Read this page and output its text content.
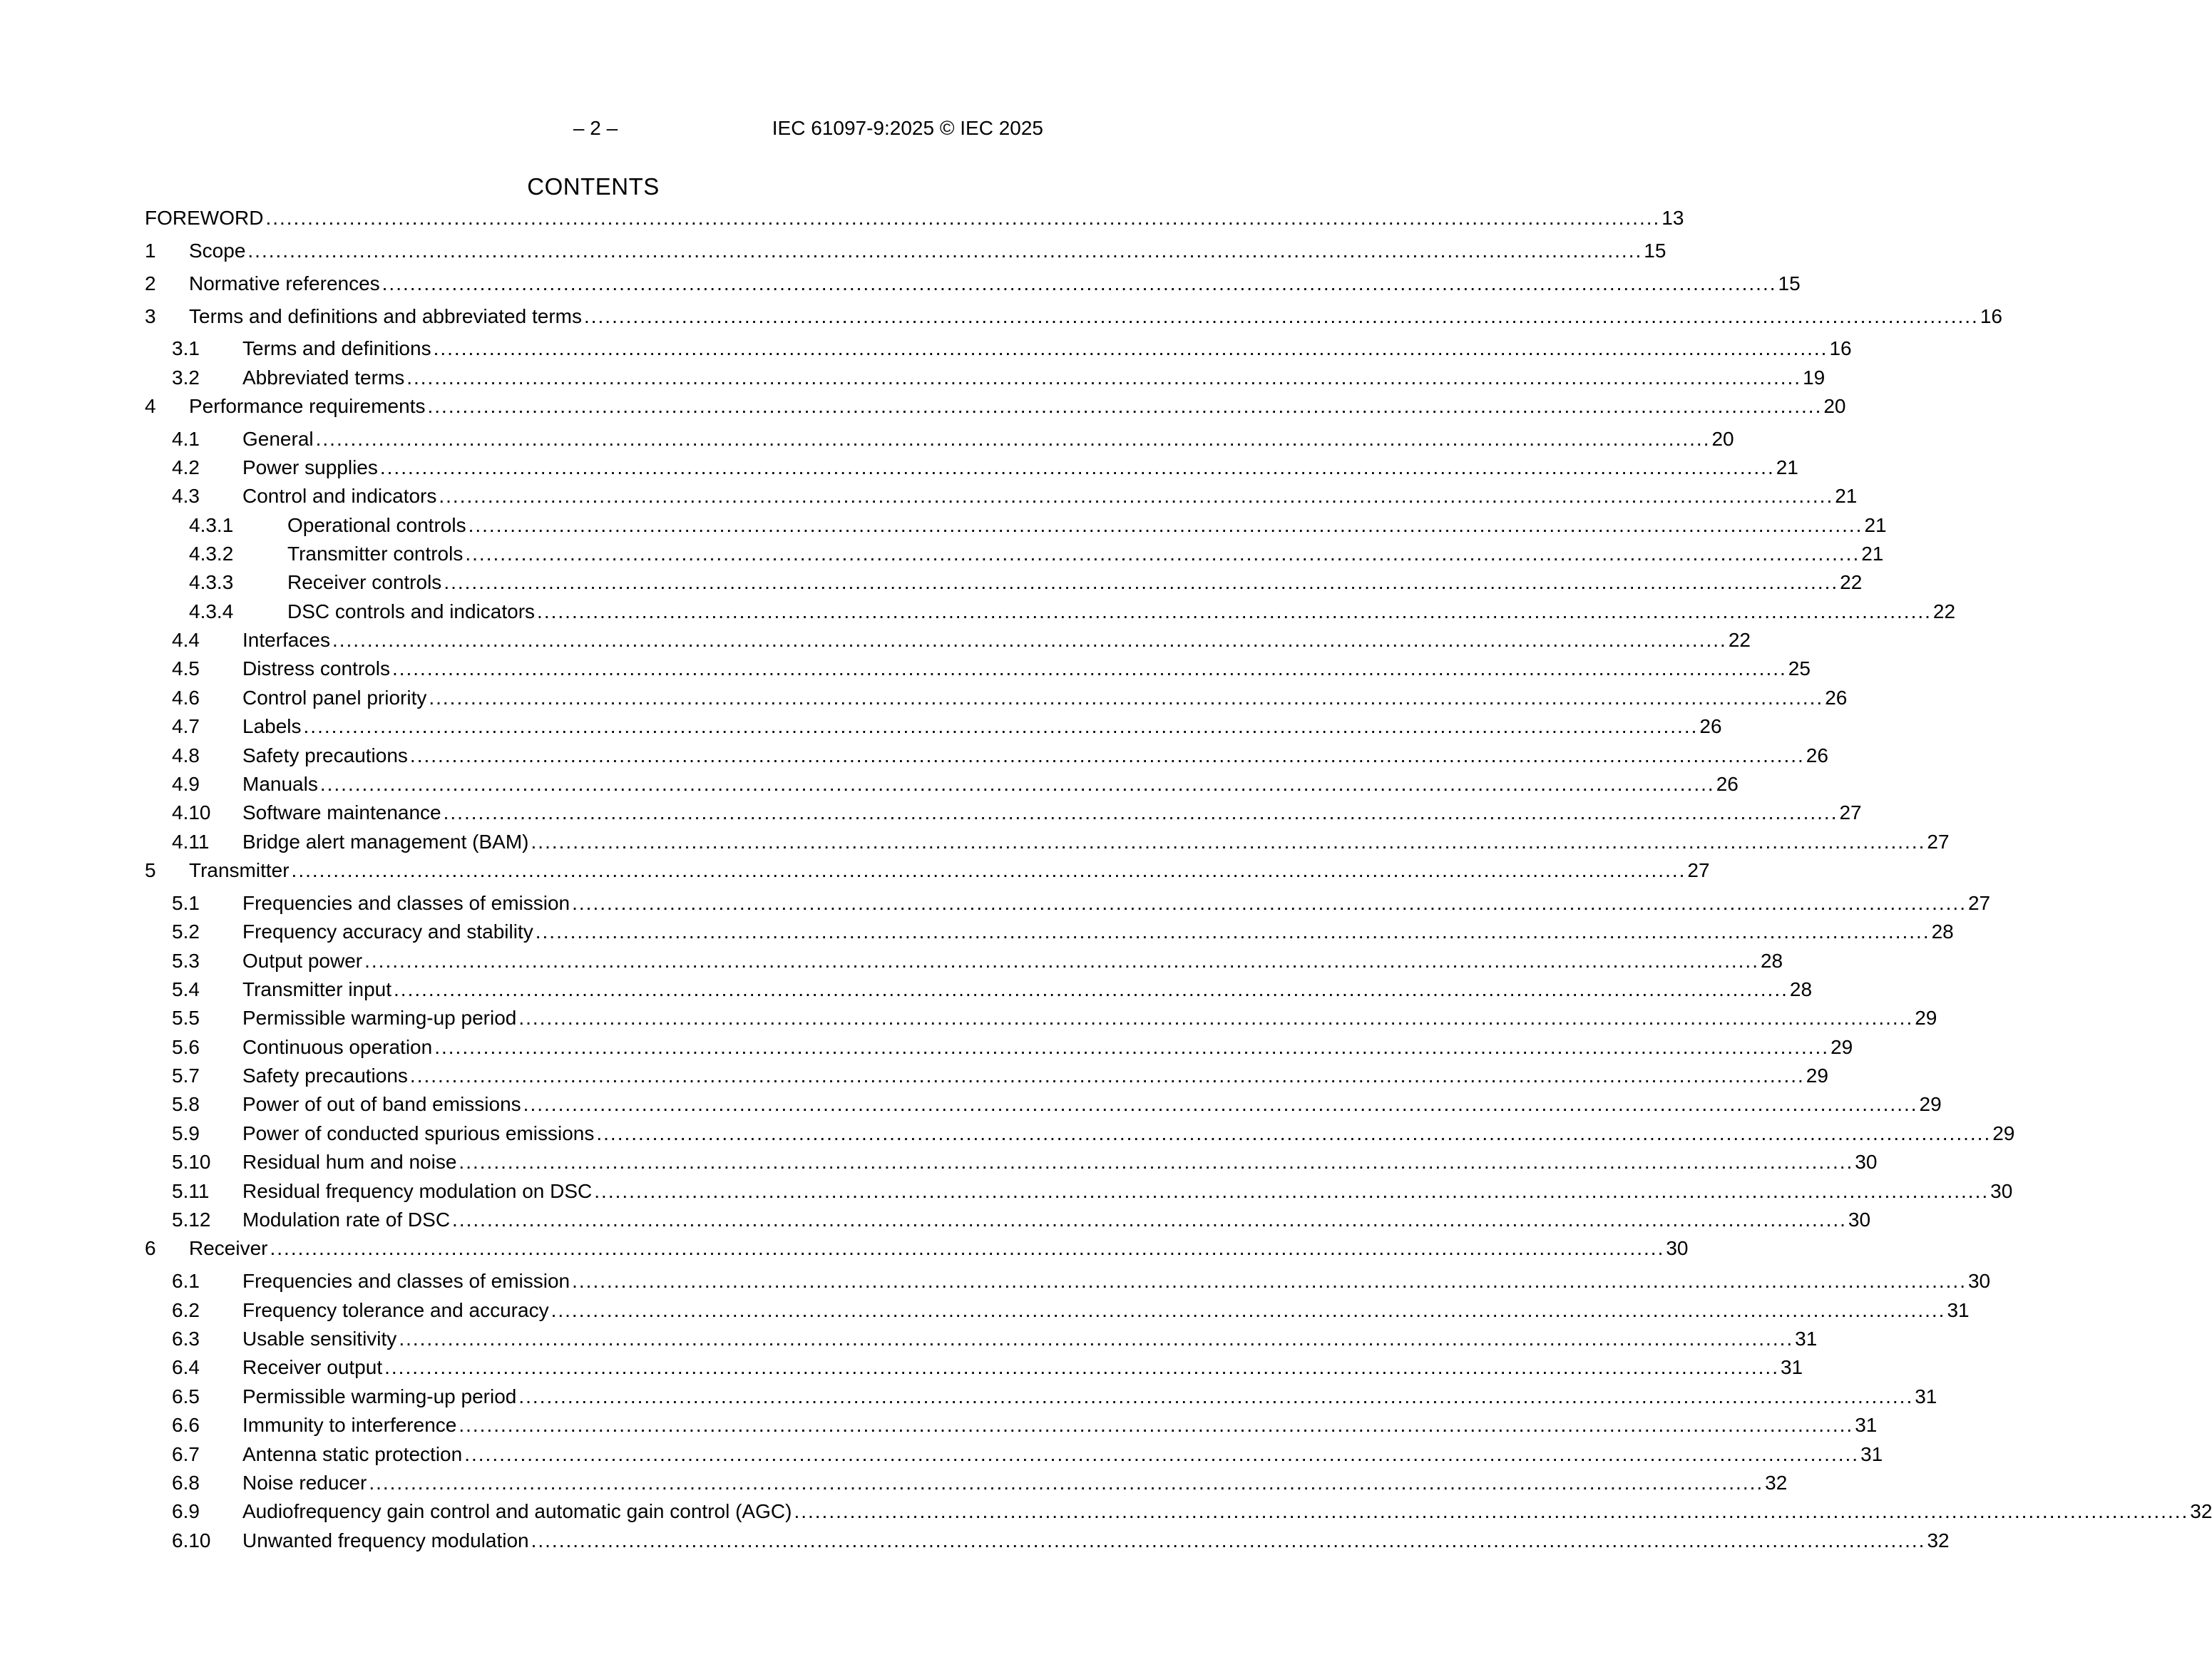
– 2 –	IEC 61097-9:2025 © IEC 2025
CONTENTS
FOREWORD ........................................................................................................................................................................................................ 13
1 Scope ........................................................................................................................................................................................................ 15
2 Normative references ........................................................................................................................................................................................................ 15
3 Terms and definitions and abbreviated terms ........................................................................................................................................................................................................ 16
3.1 Terms and definitions ........................................................................................................................................................................................................ 16
3.2 Abbreviated terms ........................................................................................................................................................................................................ 19
4 Performance requirements ........................................................................................................................................................................................................ 20
4.1 General ........................................................................................................................................................................................................ 20
4.2 Power supplies ........................................................................................................................................................................................................ 21
4.3 Control and indicators ........................................................................................................................................................................................................ 21
4.3.1	Operational controls ........................................................................................................................................................................................................ 21
4.3.2	Transmitter controls ........................................................................................................................................................................................................ 21
4.3.3	Receiver controls ........................................................................................................................................................................................................ 22
4.3.4	DSC controls and indicators ........................................................................................................................................................................................................ 22
4.4 Interfaces ........................................................................................................................................................................................................ 22
4.5 Distress controls ........................................................................................................................................................................................................ 25
4.6 Control panel priority ........................................................................................................................................................................................................ 26
4.7 Labels ........................................................................................................................................................................................................ 26
4.8 Safety precautions ........................................................................................................................................................................................................ 26
4.9 Manuals ........................................................................................................................................................................................................ 26
4.10 Software maintenance ........................................................................................................................................................................................................ 27
4.11 Bridge alert management (BAM) ........................................................................................................................................................................................................ 27
5 Transmitter ........................................................................................................................................................................................................ 27
5.1 Frequencies and classes of emission ........................................................................................................................................................................................................ 27
5.2 Frequency accuracy and stability ........................................................................................................................................................................................................ 28
5.3 Output power ........................................................................................................................................................................................................ 28
5.4 Transmitter input ........................................................................................................................................................................................................ 28
5.5 Permissible warming-up period ........................................................................................................................................................................................................ 29
5.6 Continuous operation ........................................................................................................................................................................................................ 29
5.7 Safety precautions ........................................................................................................................................................................................................ 29
5.8 Power of out of band emissions ........................................................................................................................................................................................................ 29
5.9 Power of conducted spurious emissions ........................................................................................................................................................................................................ 29
5.10 Residual hum and noise ........................................................................................................................................................................................................ 30
5.11 Residual frequency modulation on DSC ........................................................................................................................................................................................................ 30
5.12 Modulation rate of DSC ........................................................................................................................................................................................................ 30
6 Receiver ........................................................................................................................................................................................................ 30
6.1 Frequencies and classes of emission ........................................................................................................................................................................................................ 30
6.2 Frequency tolerance and accuracy ........................................................................................................................................................................................................ 31
6.3 Usable sensitivity ........................................................................................................................................................................................................ 31
6.4 Receiver output ........................................................................................................................................................................................................ 31
6.5 Permissible warming-up period ........................................................................................................................................................................................................ 31
6.6 Immunity to interference ........................................................................................................................................................................................................ 31
6.7 Antenna static protection ........................................................................................................................................................................................................ 31
6.8 Noise reducer ........................................................................................................................................................................................................ 32
6.9 Audiofrequency gain control and automatic gain control (AGC) ........................................................................................................................................................................................................ 32
6.10 Unwanted frequency modulation ........................................................................................................................................................................................................ 32
